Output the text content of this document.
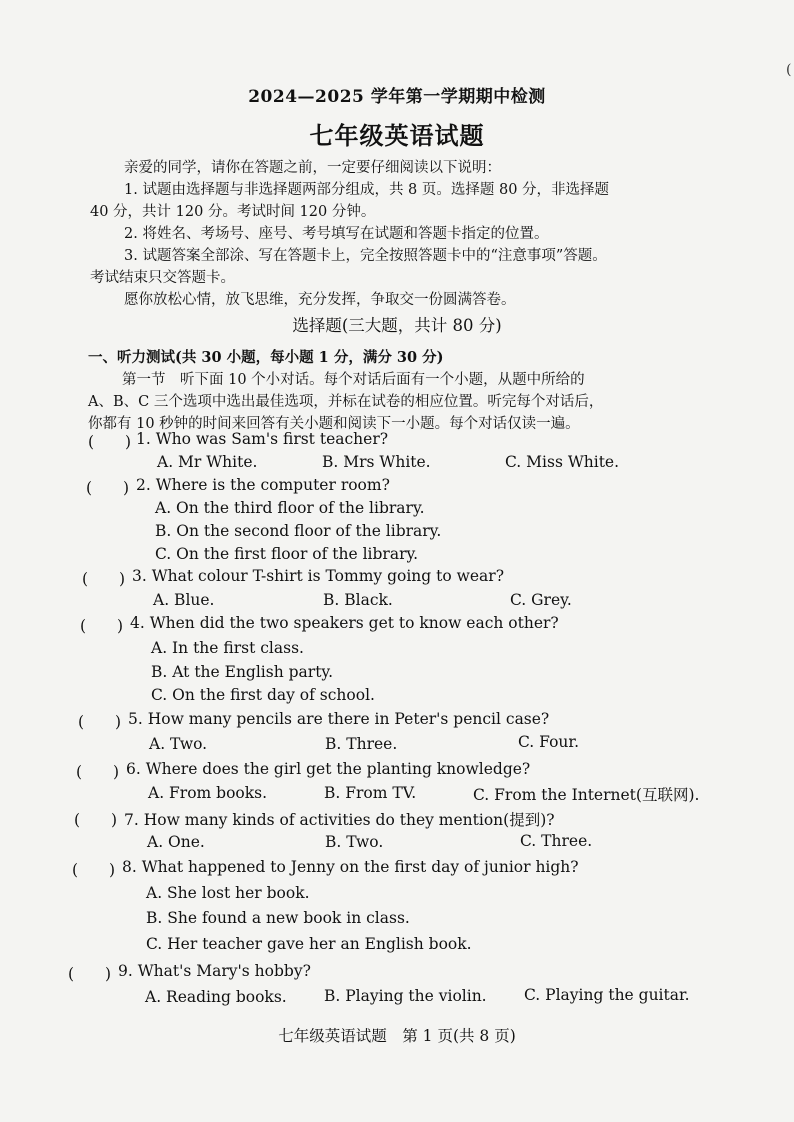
(
2024—2025 学年第一学期期中检测
七年级英语试题
亲爱的同学，请你在答题之前，一定要仔细阅读以下说明：
1. 试题由选择题与非选择题两部分组成，共 8 页。选择题 80 分，非选择题
40 分，共计 120 分。考试时间 120 分钟。
2. 将姓名、考场号、座号、考号填写在试题和答题卡指定的位置。
3. 试题答案全部涂、写在答题卡上，完全按照答题卡中的“注意事项”答题。
考试结束只交答题卡。
愿你放松心情，放飞思维，充分发挥，争取交一份圆满答卷。
选择题(三大题，共计 80 分)
一、听力测试(共 30 小题，每小题 1 分，满分 30 分)
第一节　听下面 10 个小对话。每个对话后面有一个小题，从题中所给的
A、B、C 三个选项中选出最佳选项，并标在试卷的相应位置。听完每个对话后，
你都有 10 秒钟的时间来回答有关小题和阅读下一小题。每个对话仅读一遍。
(　　) 1. Who was Sam's first teacher?
A. Mr White.	B. Mrs White.	C. Miss White.
(　　) 2. Where is the computer room?
A. On the third floor of the library.
B. On the second floor of the library.
C. On the first floor of the library.
(　　) 3. What colour T-shirt is Tommy going to wear?
A. Blue.	B. Black.	C. Grey.
(　　) 4. When did the two speakers get to know each other?
A. In the first class.
B. At the English party.
C. On the first day of school.
(　　) 5. How many pencils are there in Peter's pencil case?
A. Two.	B. Three.	C. Four.
(　　) 6. Where does the girl get the planting knowledge?
A. From books.	B. From TV.	C. From the Internet(互联网).
(　　) 7. How many kinds of activities do they mention(提到)?
A. One.	B. Two.	C. Three.
(　　) 8. What happened to Jenny on the first day of junior high?
A. She lost her book.
B. She found a new book in class.
C. Her teacher gave her an English book.
(　　) 9. What's Mary's hobby?
A. Reading books. B. Playing the violin. C. Playing the guitar.
七年级英语试题　第 1 页(共 8 页)
